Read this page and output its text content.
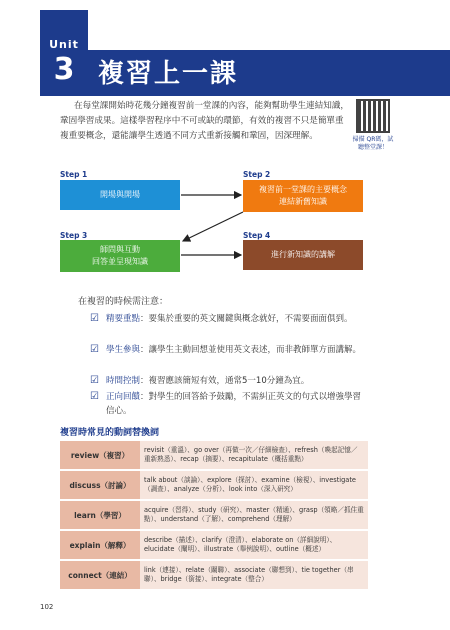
Unit
3 複習上一課
在每堂課開始時花幾分鐘複習前一堂課的內容，能夠幫助學生連結知識，鞏固學習成果。這樣學習程序中不可或缺的環節，有效的複習不只是簡單重複重要概念，還能讓學生透過不同方式重新接觸和鞏固，因深理解。	掃描 QR碼，試聽整堂課！
Step 1
開場與開場
Step 2
複習前一堂課的主要概念
連結新舊知識
Step 3
師問與互動
回答並呈現知識
Step 4
進行新知識的講解
在複習的時候需注意：
☑ 精要重點：要集於重要的英文關鍵與概念就好，不需要面面俱到。
☑ 學生參與：讓學生主動回想並使用英文表述，而非教師單方面講解。
☑ 時間控制：複習應該簡短有效，通常5一10分鐘為宜。
☑ 正向回饋：對學生的回答給予鼓勵，不需糾正英文的句式以增強學習信心。
複習時常見的動詞替換詞
review（複習）	revisit（重溫）、go over（再做一次／仔細檢查）、refresh（喚起記憶／重新熟悉）、recap（摘要）、recapitulate（概括重點）
discuss（討論）	talk about（談論）、explore（探討）、examine（檢視）、investigate（調查）、analyze（分析）、look into（深入研究）
learn（學習）	acquire（習得）、study（研究）、master（精通）、grasp（領略／抓住重點）、understand（了解）、comprehend（理解）
explain（解釋）	describe（描述）、clarify（澄清）、elaborate on（詳細說明）、elucidate（闡明）、illustrate（舉例說明）、outline（概述）
connect（連結）	link（連接）、relate（關聯）、associate（聯想到）、tie together（串聯）、bridge（銜接）、integrate（整合）
102
